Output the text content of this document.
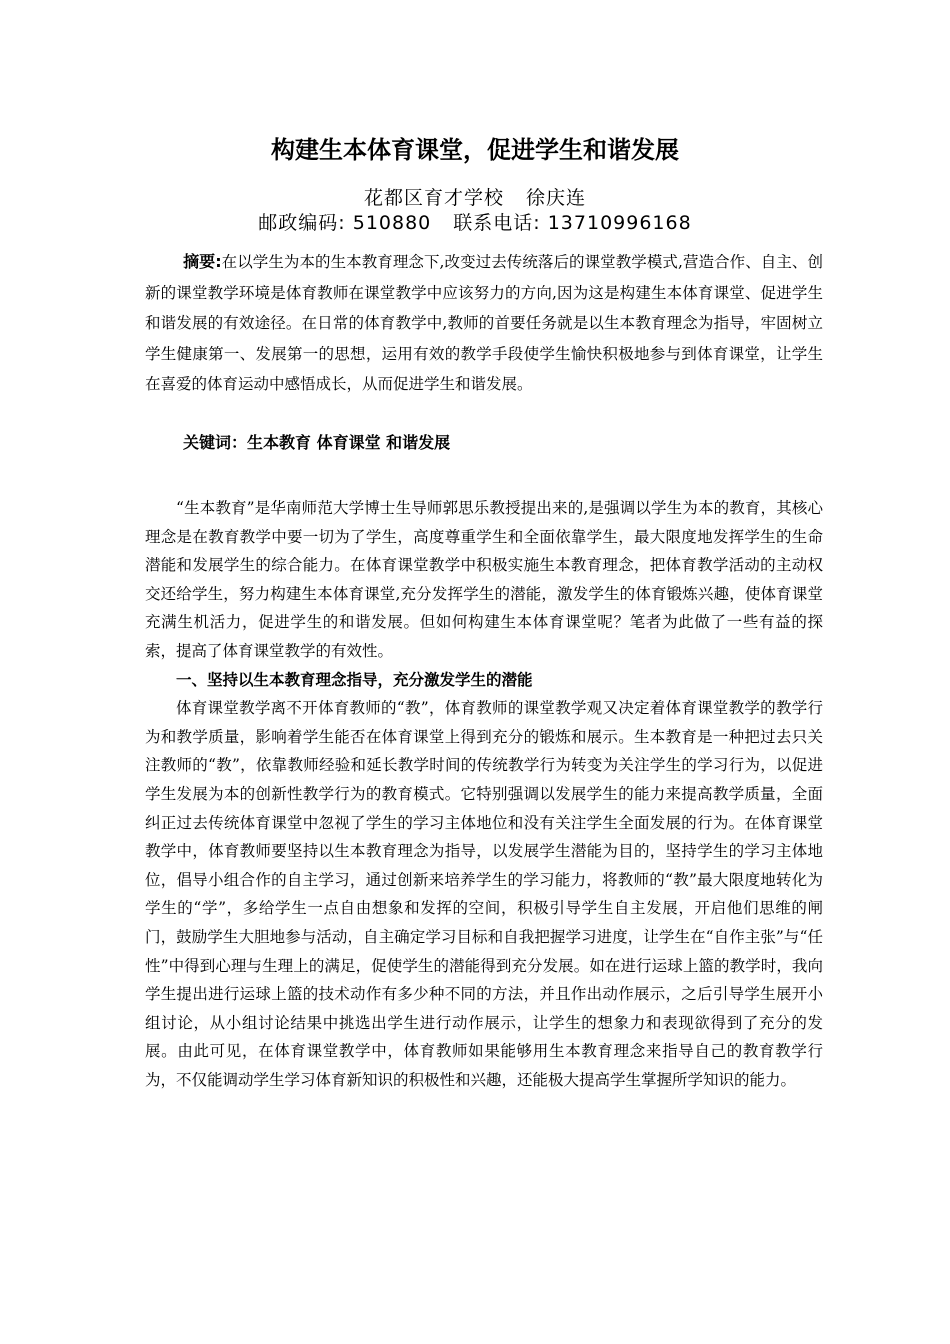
构建生本体育课堂，促进学生和谐发展
花都区育才学校 徐庆连
邮政编码: 510880 联系电话: 13710996168

摘要:在以学生为本的生本教育理念下,改变过去传统落后的课堂教学模式,营造合作、自主、创新的课堂教学环境是体育教师在课堂教学中应该努力的方向,因为这是构建生本体育课堂、促进学生和谐发展的有效途径。在日常的体育教学中,教师的首要任务就是以生本教育理念为指导，牢固树立学生健康第一、发展第一的思想，运用有效的教学手段使学生愉快积极地参与到体育课堂，让学生在喜爱的体育运动中感悟成长，从而促进学生和谐发展。

关键词：生本教育 体育课堂 和谐发展

“生本教育”是华南师范大学博士生导师郭思乐教授提出来的,是强调以学生为本的教育，其核心理念是在教育教学中要一切为了学生，高度尊重学生和全面依靠学生，最大限度地发挥学生的生命潜能和发展学生的综合能力。在体育课堂教学中积极实施生本教育理念，把体育教学活动的主动权交还给学生，努力构建生本体育课堂,充分发挥学生的潜能，激发学生的体育锻炼兴趣，使体育课堂充满生机活力，促进学生的和谐发展。但如何构建生本体育课堂呢？笔者为此做了一些有益的探索，提高了体育课堂教学的有效性。

一、坚持以生本教育理念指导，充分激发学生的潜能

体育课堂教学离不开体育教师的“教”，体育教师的课堂教学观又决定着体育课堂教学的教学行为和教学质量，影响着学生能否在体育课堂上得到充分的锻炼和展示。生本教育是一种把过去只关注教师的“教”，依靠教师经验和延长教学时间的传统教学行为转变为关注学生的学习行为，以促进学生发展为本的创新性教学行为的教育模式。它特别强调以发展学生的能力来提高教学质量，全面纠正过去传统体育课堂中忽视了学生的学习主体地位和没有关注学生全面发展的行为。在体育课堂教学中，体育教师要坚持以生本教育理念为指导，以发展学生潜能为目的，坚持学生的学习主体地位，倡导小组合作的自主学习，通过创新来培养学生的学习能力，将教师的“教”最大限度地转化为学生的“学”，多给学生一点自由想象和发挥的空间，积极引导学生自主发展，开启他们思维的闸门，鼓励学生大胆地参与活动，自主确定学习目标和自我把握学习进度，让学生在“自作主张”与“任性”中得到心理与生理上的满足，促使学生的潜能得到充分发展。如在进行运球上篮的教学时，我向学生提出进行运球上篮的技术动作有多少种不同的方法，并且作出动作展示，之后引导学生展开小组讨论，从小组讨论结果中挑选出学生进行动作展示，让学生的想象力和表现欲得到了充分的发展。由此可见，在体育课堂教学中，体育教师如果能够用生本教育理念来指导自己的教育教学行为，不仅能调动学生学习体育新知识的积极性和兴趣，还能极大提高学生掌握所学知识的能力。
